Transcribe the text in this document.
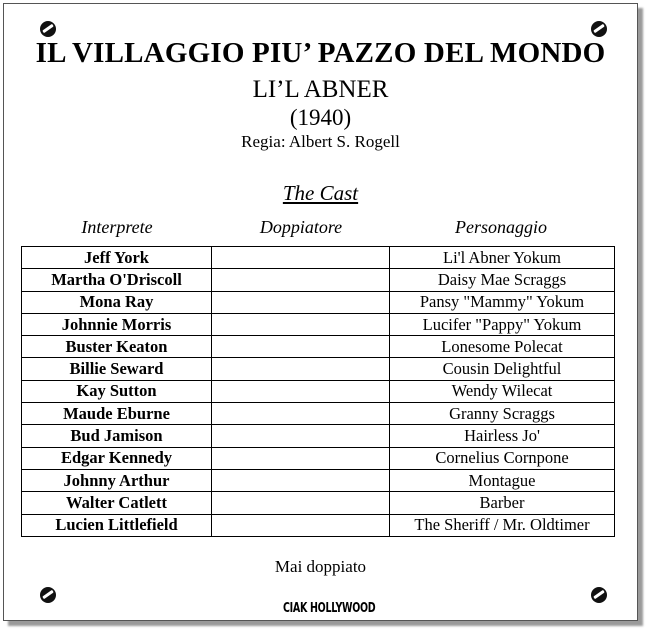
IL VILLAGGIO PIU’ PAZZO DEL MONDO
LI’L ABNER
(1940)
Regia: Albert S. Rogell
The Cast
Interprete	Doppiatore	Personaggio
Jeff York		Li'l Abner Yokum
Martha O'Driscoll		Daisy Mae Scraggs
Mona Ray		Pansy "Mammy" Yokum
Johnnie Morris		Lucifer "Pappy" Yokum
Buster Keaton		Lonesome Polecat
Billie Seward		Cousin Delightful
Kay Sutton		Wendy Wilecat
Maude Eburne		Granny Scraggs
Bud Jamison		Hairless Jo'
Edgar Kennedy		Cornelius Cornpone
Johnny Arthur		Montague
Walter Catlett		Barber
Lucien Littlefield		The Sheriff / Mr. Oldtimer
Mai doppiato
CIAK HOLLYWOOD
